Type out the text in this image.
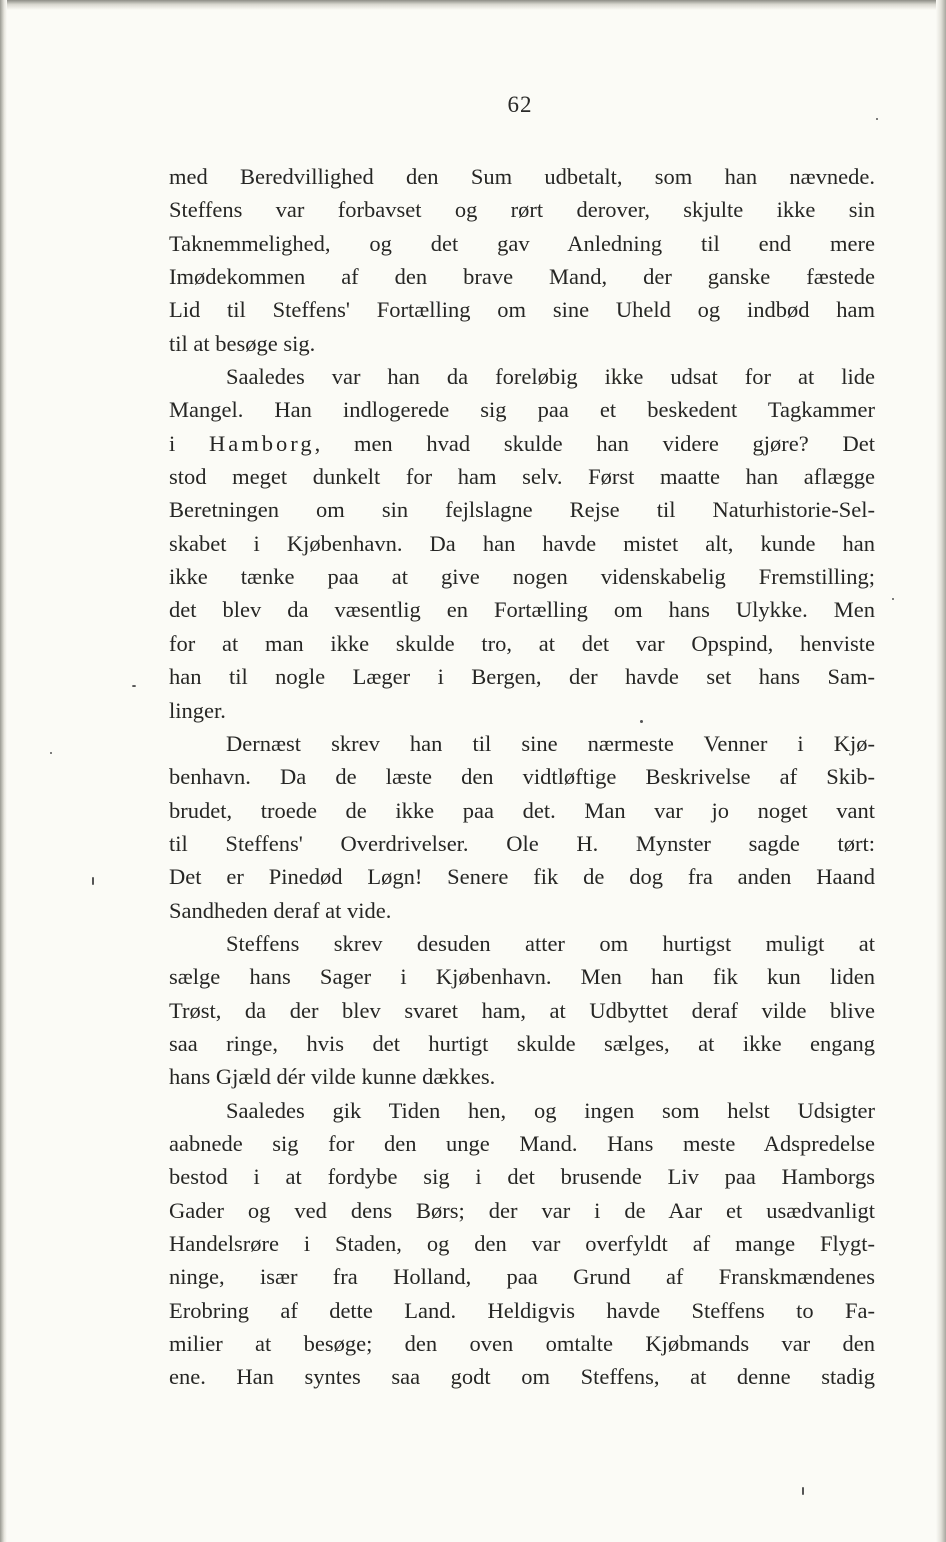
62
med Beredvillighed den Sum udbetalt, som han nævnede.
Steffens var forbavset og rørt derover, skjulte ikke sin
Taknemmelighed, og det gav Anledning til end mere
Imødekommen af den brave Mand, der ganske fæstede
Lid til Steffens' Fortælling om sine Uheld og indbød ham
til at besøge sig.
Saaledes var han da foreløbig ikke udsat for at lide
Mangel. Han indlogerede sig paa et beskedent Tagkammer
i Hamborg, men hvad skulde han videre gjøre? Det
stod meget dunkelt for ham selv. Først maatte han aflægge
Beretningen om sin fejlslagne Rejse til Naturhistorie-Sel-
skabet i Kjøbenhavn. Da han havde mistet alt, kunde han
ikke tænke paa at give nogen videnskabelig Fremstilling;
det blev da væsentlig en Fortælling om hans Ulykke. Men
for at man ikke skulde tro, at det var Opspind, henviste
han til nogle Læger i Bergen, der havde set hans Sam-
linger.
Dernæst skrev han til sine nærmeste Venner i Kjø-
benhavn. Da de læste den vidtløftige Beskrivelse af Skib-
brudet, troede de ikke paa det. Man var jo noget vant
til Steffens' Overdrivelser. Ole H. Mynster sagde tørt:
Det er Pinedød Løgn! Senere fik de dog fra anden Haand
Sandheden deraf at vide.
Steffens skrev desuden atter om hurtigst muligt at
sælge hans Sager i Kjøbenhavn. Men han fik kun liden
Trøst, da der blev svaret ham, at Udbyttet deraf vilde blive
saa ringe, hvis det hurtigt skulde sælges, at ikke engang
hans Gjæld dér vilde kunne dækkes.
Saaledes gik Tiden hen, og ingen som helst Udsigter
aabnede sig for den unge Mand. Hans meste Adspredelse
bestod i at fordybe sig i det brusende Liv paa Hamborgs
Gader og ved dens Børs; der var i de Aar et usædvanligt
Handelsrøre i Staden, og den var overfyldt af mange Flygt-
ninge, især fra Holland, paa Grund af Franskmændenes
Erobring af dette Land. Heldigvis havde Steffens to Fa-
milier at besøge; den oven omtalte Kjøbmands var den
ene. Han syntes saa godt om Steffens, at denne stadig
